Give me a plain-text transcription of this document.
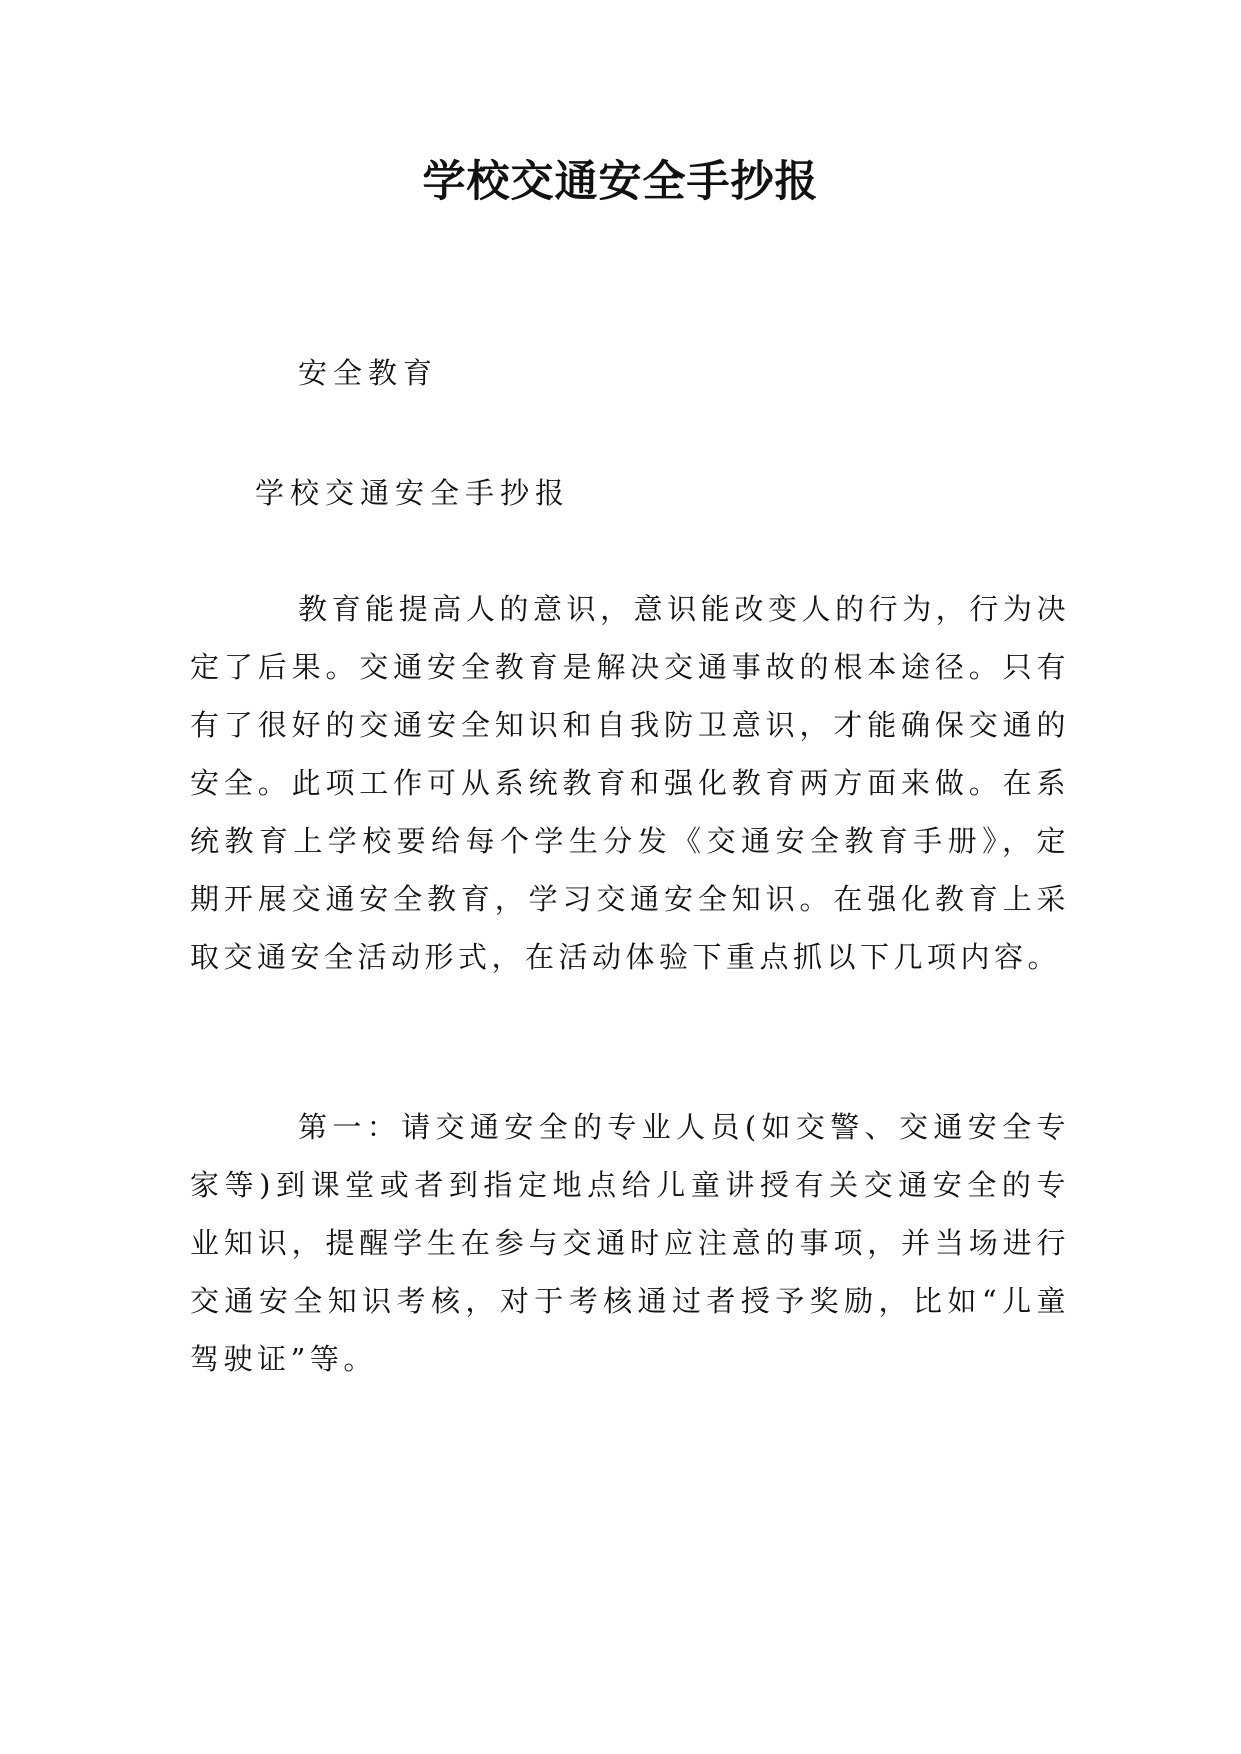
学校交通安全手抄报

安全教育

学校交通安全手抄报

教育能提高人的意识，意识能改变人的行为，行为决定了后果。交通安全教育是解决交通事故的根本途径。只有有了很好的交通安全知识和自我防卫意识，才能确保交通的安全。此项工作可从系统教育和强化教育两方面来做。在系统教育上学校要给每个学生分发《交通安全教育手册》，定期开展交通安全教育，学习交通安全知识。在强化教育上采取交通安全活动形式，在活动体验下重点抓以下几项内容。

第一：请交通安全的专业人员(如交警、交通安全专家等)到课堂或者到指定地点给儿童讲授有关交通安全的专业知识，提醒学生在参与交通时应注意的事项，并当场进行交通安全知识考核，对于考核通过者授予奖励，比如“儿童驾驶证”等。
